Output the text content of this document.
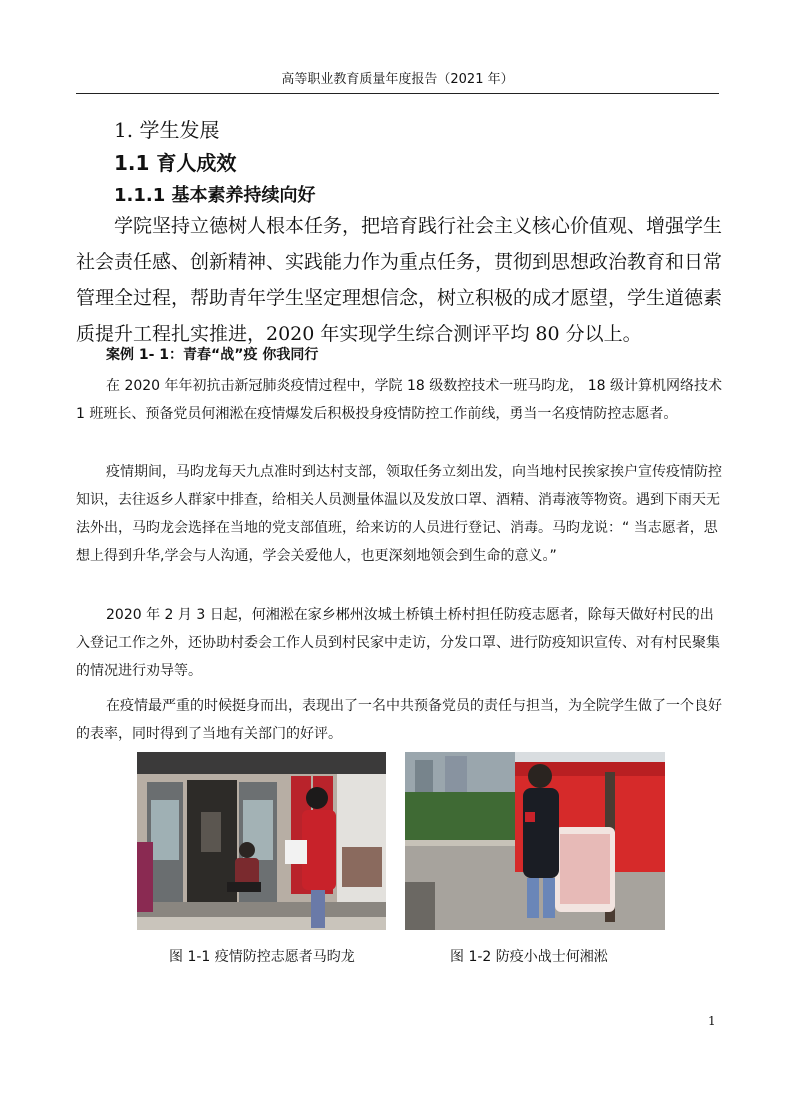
高等职业教育质量年度报告（2021 年）
1. 学生发展
1.1 育人成效
1.1.1 基本素养持续向好

学院坚持立德树人根本任务，把培育践行社会主义核心价值观、增强学生社会责任感、创新精神、实践能力作为重点任务，贯彻到思想政治教育和日常管理全过程，帮助青年学生坚定理想信念，树立积极的成才愿望，学生道德素质提升工程扎实推进，2020 年实现学生综合测评平均 80 分以上。

案例 1- 1：青春“战”疫 你我同行

在 2020 年年初抗击新冠肺炎疫情过程中，学院 18 级数控技术一班马昀龙， 18 级计算机网络技术 1 班班长、预备党员何湘淞在疫情爆发后积极投身疫情防控工作前线，勇当一名疫情防控志愿者。

疫情期间，马昀龙每天九点准时到达村支部，领取任务立刻出发，向当地村民挨家挨户宣传疫情防控知识，去往返乡人群家中排查，给相关人员测量体温以及发放口罩、酒精、消毒液等物资。遇到下雨天无法外出，马昀龙会选择在当地的党支部值班，给来访的人员进行登记、消毒。马昀龙说：“ 当志愿者，思想上得到升华,学会与人沟通，学会关爱他人，也更深刻地领会到生命的意义。”

2020 年 2 月 3 日起，何湘淞在家乡郴州汝城土桥镇土桥村担任防疫志愿者，除每天做好村民的出入登记工作之外，还协助村委会工作人员到村民家中走访，分发口罩、进行防疫知识宣传、对有村民聚集的情况进行劝导等。

在疫情最严重的时候挺身而出，表现出了一名中共预备党员的责任与担当，为全院学生做了一个良好的表率，同时得到了当地有关部门的好评。

图 1-1 疫情防控志愿者马昀龙	图 1-2 防疫小战士何湘淞
1
